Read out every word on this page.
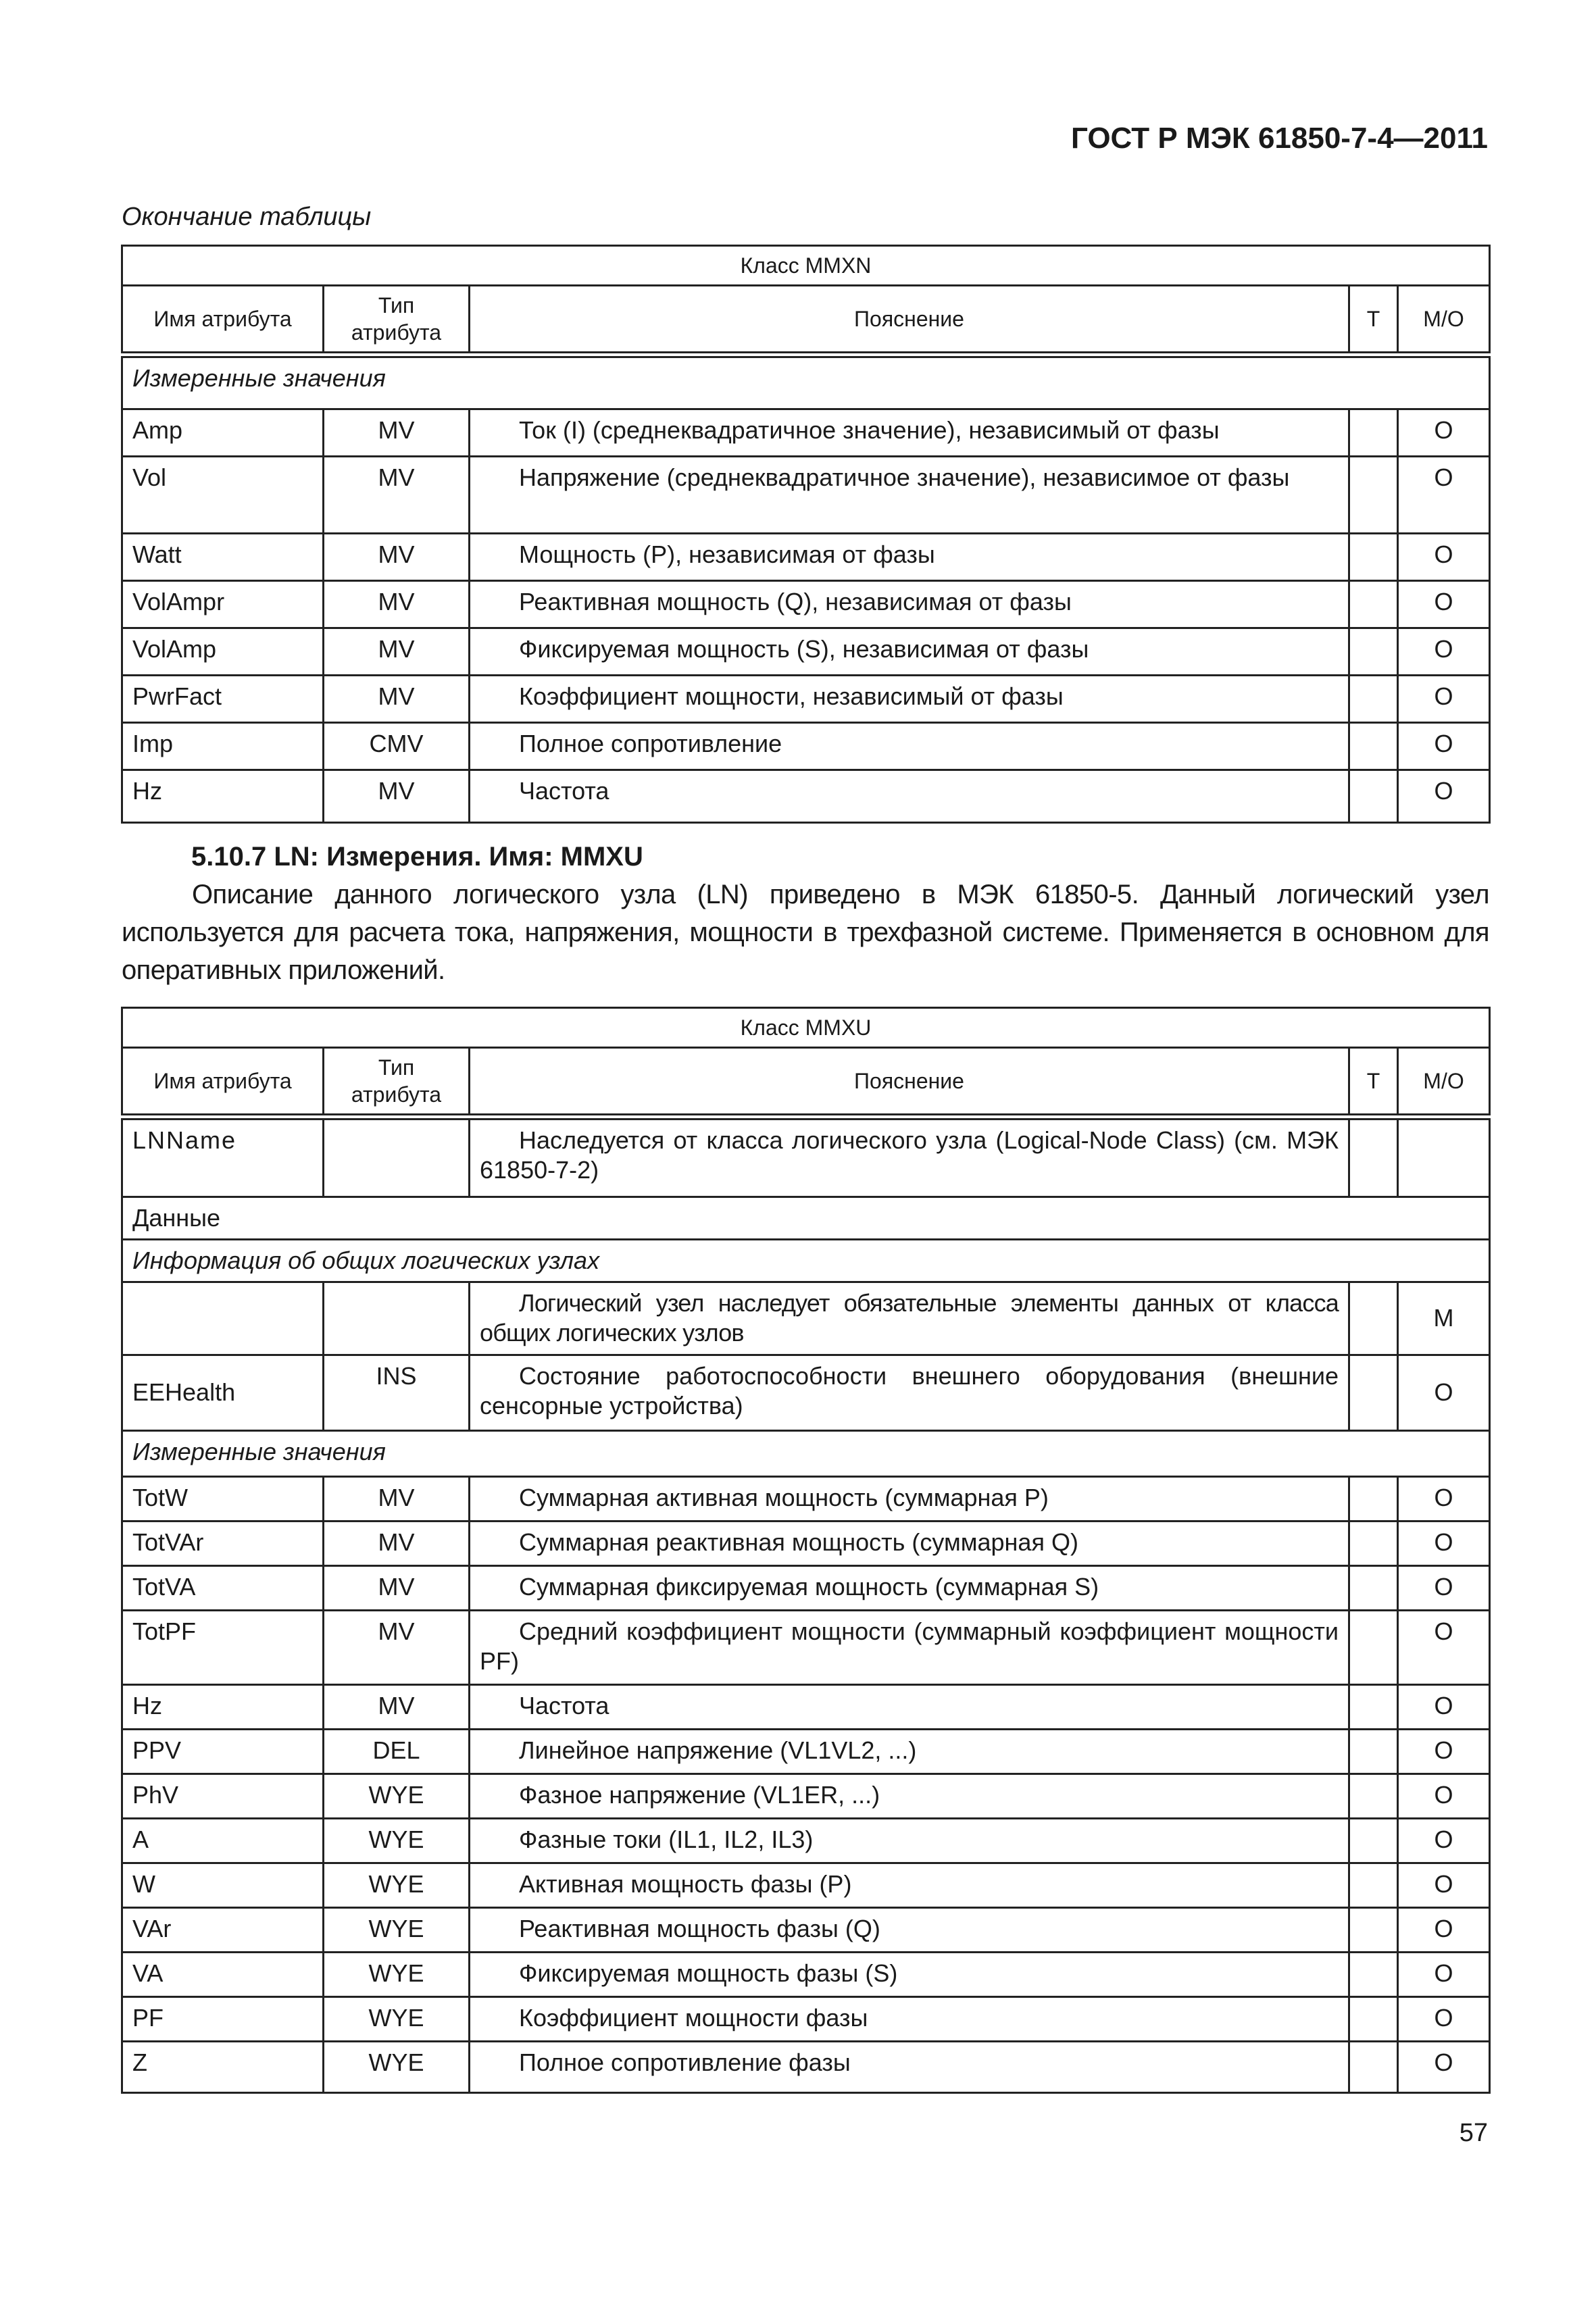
ГОСТ Р МЭК 61850-7-4—2011
Окончание таблицы
Класс MMXN				
Имя атрибута	Тип атрибута	Пояснение	T	M/O
Измеренные значения				
Amp	MV	Ток (I) (среднеквадратичное значение), независимый от фазы		O
Vol	MV	Напряжение (среднеквадратичное значение), независимое от фазы		O
Watt	MV	Мощность (P), независимая от фазы		O
VolAmpr	MV	Реактивная мощность (Q), независимая от фазы		O
VolAmp	MV	Фиксируемая мощность (S), независимая от фазы		O
PwrFact	MV	Коэффициент мощности, независимый от фазы		O
Imp	CMV	Полное сопротивление		O
Hz	MV	Частота		O
5.10.7 LN: Измерения. Имя: MMXU

Описание данного логического узла (LN) приведено в МЭК 61850-5. Данный логический узел используется для расчета тока, напряжения, мощности в трехфазной системе. Применяется в основном для оперативных приложений.

Класс MMXU				
Имя атрибута	Тип атрибута	Пояснение	T	M/O
LNName		Наследуется от класса логического узла (Logical-Node Class) (см. МЭК 61850-7-2)		
Данные				
Информация об общих логических узлах				
		Логический узел наследует обязательные элементы данных от класса общих логических узлов		M
EEHealth	INS	Состояние работоспособности внешнего оборудования (внешние сенсорные устройства)		O
Измеренные значения				
TotW	MV	Суммарная активная мощность (суммарная P)		O
TotVAr	MV	Суммарная реактивная мощность (суммарная Q)		O
TotVA	MV	Суммарная фиксируемая мощность (суммарная S)		O
TotPF	MV	Средний коэффициент мощности (суммарный коэффициент мощности PF)		O
Hz	MV	Частота		O
PPV	DEL	Линейное напряжение (VL1VL2, ...)		O
PhV	WYE	Фазное напряжение (VL1ER, ...)		O
A	WYE	Фазные токи (IL1, IL2, IL3)		O
W	WYE	Активная мощность фазы (P)		O
VAr	WYE	Реактивная мощность фазы (Q)		O
VA	WYE	Фиксируемая мощность фазы (S)		O
PF	WYE	Коэффициент мощности фазы		O
Z	WYE	Полное сопротивление фазы		O
57
